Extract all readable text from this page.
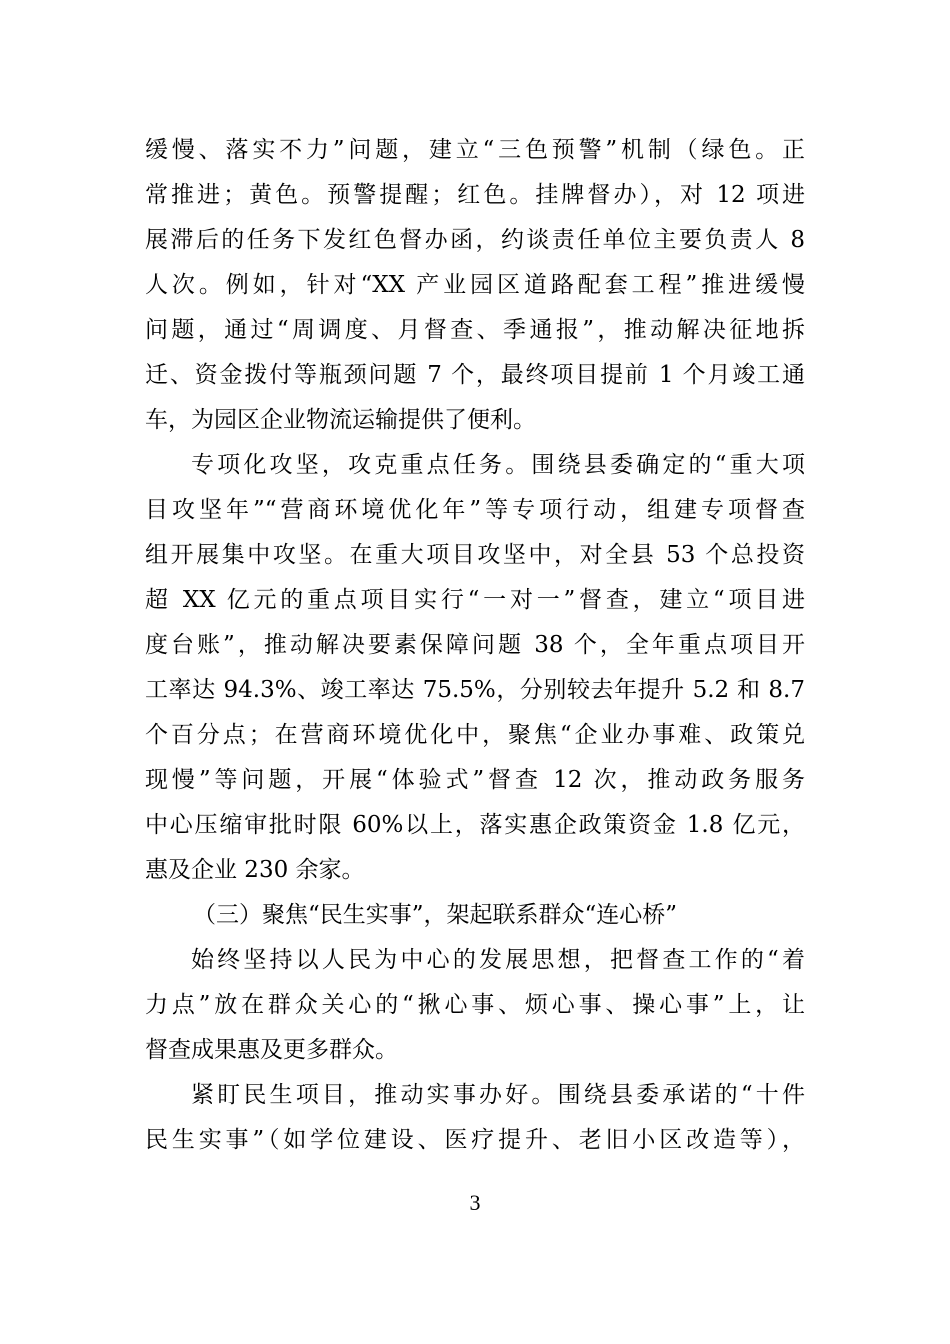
缓慢、落实不力”问题，建立“三色预警”机制（绿色。正
常推进；黄色。预警提醒；红色。挂牌督办），对 12 项进
展滞后的任务下发红色督办函，约谈责任单位主要负责人 8
人次。例如，针对“XX 产业园区道路配套工程”推进缓慢
问题，通过“周调度、月督查、季通报”，推动解决征地拆
迁、资金拨付等瓶颈问题 7 个，最终项目提前 1 个月竣工通
车，为园区企业物流运输提供了便利。
专项化攻坚，攻克重点任务。围绕县委确定的“重大项
目攻坚年”“营商环境优化年”等专项行动，组建专项督查
组开展集中攻坚。在重大项目攻坚中，对全县 53 个总投资
超 XX 亿元的重点项目实行“一对一”督查，建立“项目进
度台账”，推动解决要素保障问题 38 个，全年重点项目开
工率达 94.3%、竣工率达 75.5%，分别较去年提升 5.2 和 8.7
个百分点；在营商环境优化中，聚焦“企业办事难、政策兑
现慢”等问题，开展“体验式”督查 12 次，推动政务服务
中心压缩审批时限 60%以上，落实惠企政策资金 1.8 亿元，
惠及企业 230 余家。
（三）聚焦“民生实事”，架起联系群众“连心桥”
始终坚持以人民为中心的发展思想，把督查工作的“着
力点”放在群众关心的“揪心事、烦心事、操心事”上，让
督查成果惠及更多群众。
紧盯民生项目，推动实事办好。围绕县委承诺的“十件
民生实事”（如学位建设、医疗提升、老旧小区改造等），
3
